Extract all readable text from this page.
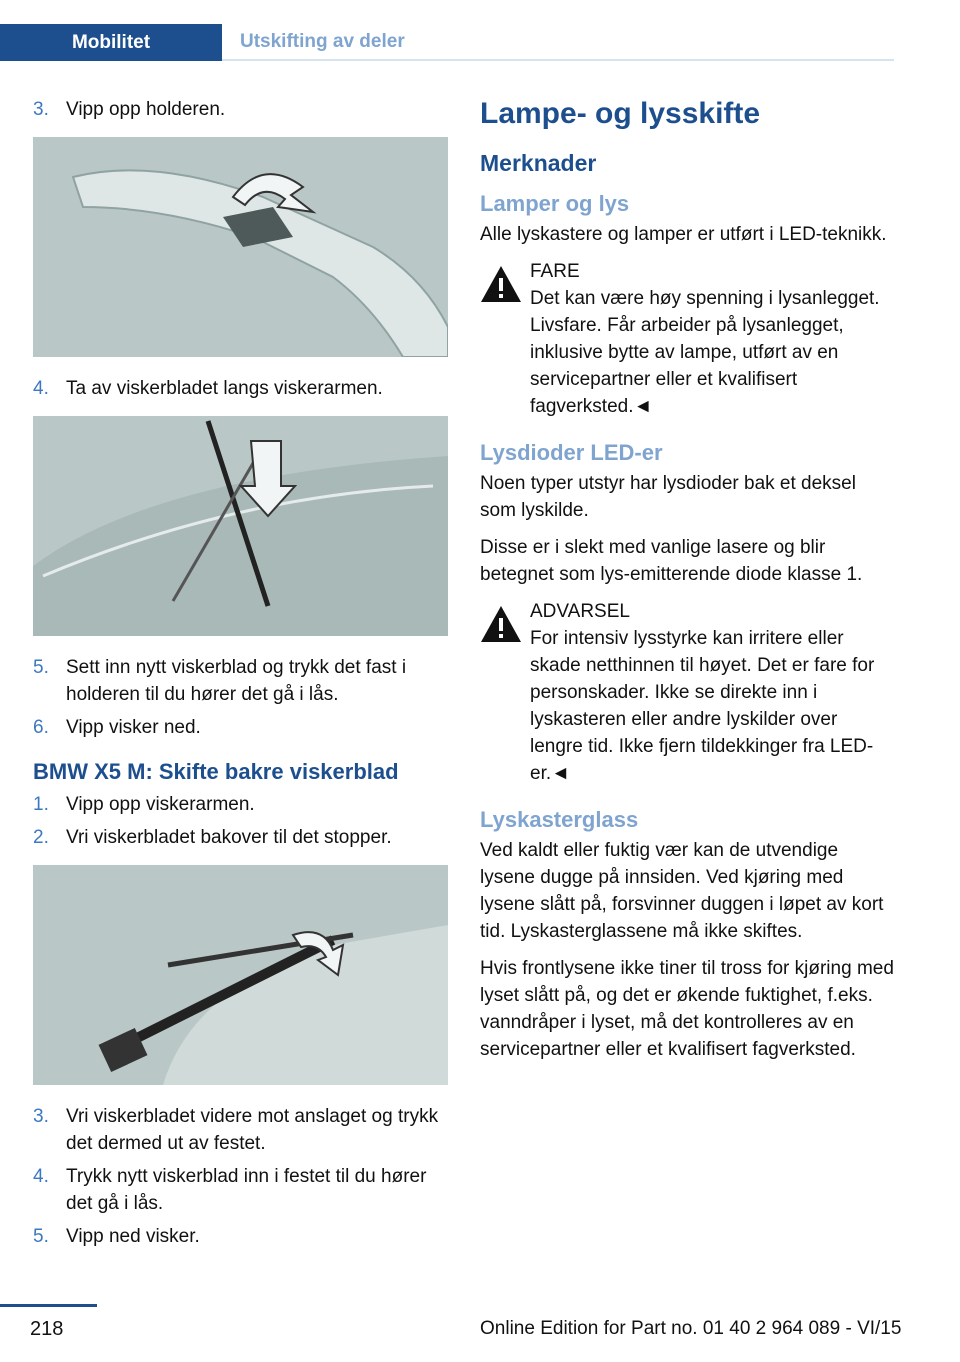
Mobilitet	Utskifting av deler
3. Vipp opp holderen.
4. Ta av viskerbladet langs viskerarmen.
5. Sett inn nytt viskerblad og trykk det fast i holderen til du hører det gå i lås.
6. Vipp visker ned.
BMW X5 M: Skifte bakre viskerblad
1. Vipp opp viskerarmen.
2. Vri viskerbladet bakover til det stopper.
3. Vri viskerbladet videre mot anslaget og trykk det dermed ut av festet.
4. Trykk nytt viskerblad inn i festet til du hører det gå i lås.
5. Vipp ned visker.
Lampe- og lysskifte
Merknader
Lamper og lys

Alle lyskastere og lamper er utført i LED-teknikk.

FARE
Det kan være høy spenning i lysanlegget. Livsfare. Får arbeider på lysanlegget, inklusive bytte av lampe, utført av en servicepartner eller et kvalifisert fagverksted.◄
Lysdioder LED-er

Noen typer utstyr har lysdioder bak et deksel som lyskilde.

Disse er i slekt med vanlige lasere og blir betegnet som lys-emitterende diode klasse 1.

ADVARSEL
For intensiv lysstyrke kan irritere eller skade netthinnen til høyet. Det er fare for personskader. Ikke se direkte inn i lyskasteren eller andre lyskilder over lengre tid. Ikke fjern tildekkinger fra LED-er.◄
Lyskasterglass

Ved kaldt eller fuktig vær kan de utvendige lysene dugge på innsiden. Ved kjøring med lysene slått på, forsvinner duggen i løpet av kort tid. Lyskasterglassene må ikke skiftes.

Hvis frontlysene ikke tiner til tross for kjøring med lyset slått på, og det er økende fuktighet, f.eks. vanndråper i lyset, må det kontrolleres av en servicepartner eller et kvalifisert fagverksted.

218	Online Edition for Part no. 01 40 2 964 089 - VI/15
